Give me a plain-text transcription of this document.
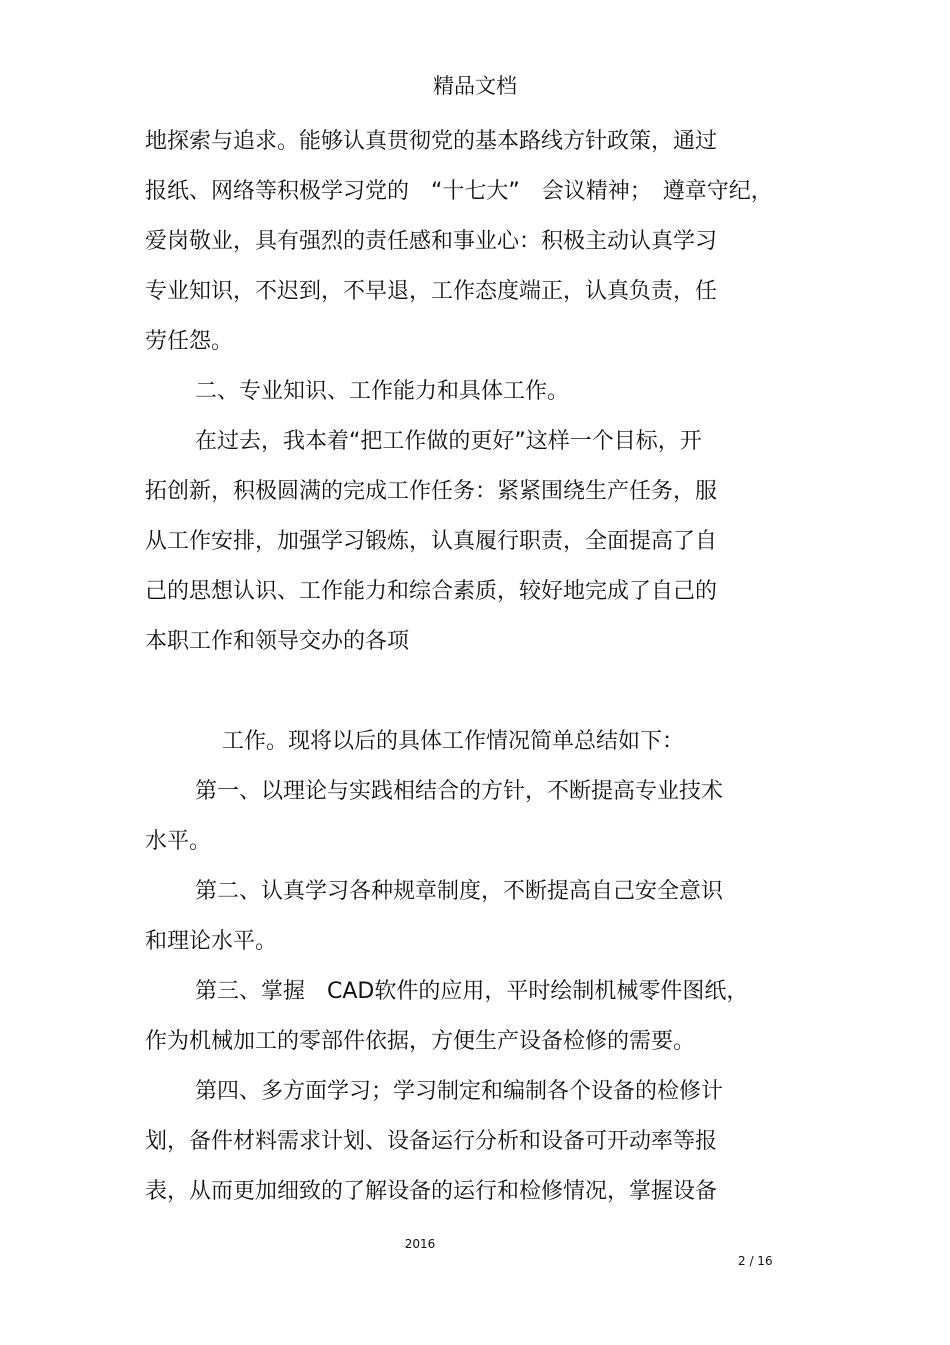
精品文档
地探索与追求。能够认真贯彻党的基本路线方针政策，通过
报纸、网络等积极学习党的　“十七大”　会议精神；　遵章守纪，
爱岗敬业，具有强烈的责任感和事业心：积极主动认真学习
专业知识，不迟到，不早退，工作态度端正，认真负责，任
劳任怨。
二、专业知识、工作能力和具体工作。
在过去，我本着“把工作做的更好”这样一个目标，开
拓创新，积极圆满的完成工作任务：紧紧围绕生产任务，服
从工作安排，加强学习锻炼，认真履行职责，全面提高了自
己的思想认识、工作能力和综合素质，较好地完成了自己的
本职工作和领导交办的各项
工作。现将以后的具体工作情况简单总结如下：
第一、以理论与实践相结合的方针，不断提高专业技术
水平。
第二、认真学习各种规章制度，不断提高自己安全意识
和理论水平。
第三、掌握　CAD软件的应用，平时绘制机械零件图纸，
作为机械加工的零部件依据，方便生产设备检修的需要。
第四、多方面学习；学习制定和编制各个设备的检修计
划，备件材料需求计划、设备运行分析和设备可开动率等报
表，从而更加细致的了解设备的运行和检修情况，掌握设备
2016
2 / 16
